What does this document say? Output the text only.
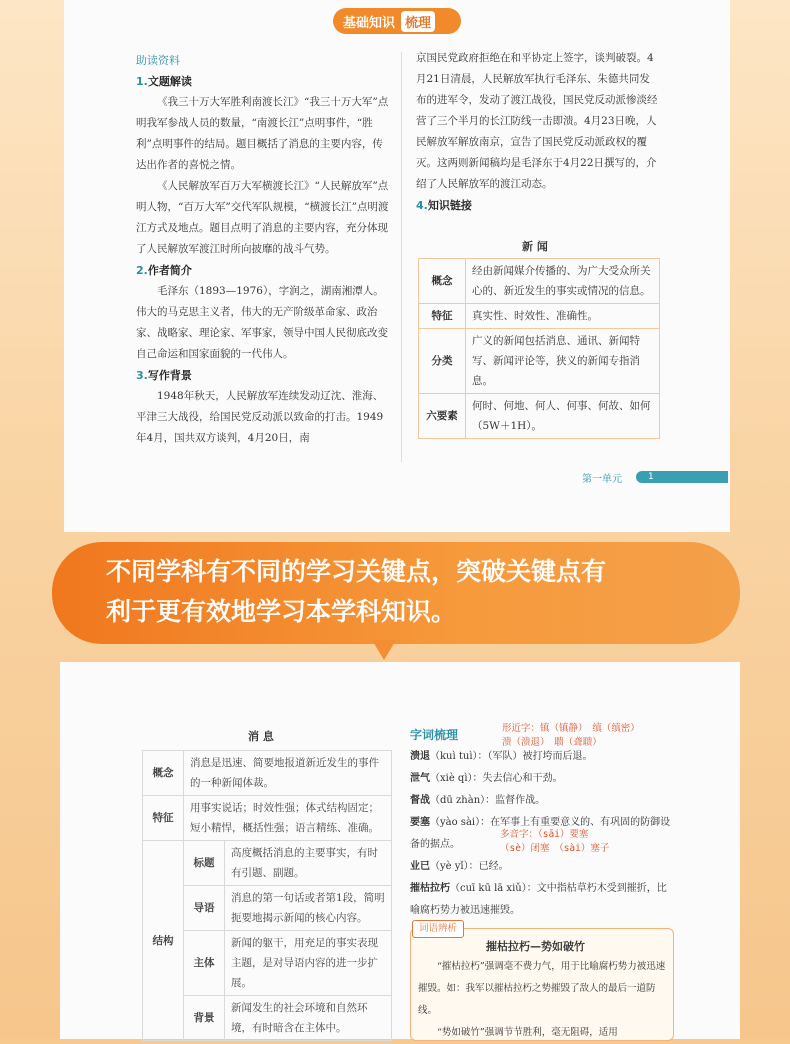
基础知识 梳理

助读资料

1.文题解读

《我三十万大军胜利南渡长江》“我三十万大军”点明我军参战人员的数量，“南渡长江”点明事件，“胜利”点明事件的结局。题目概括了消息的主要内容，传达出作者的喜悦之情。

《人民解放军百万大军横渡长江》“人民解放军”点明人物，“百万大军”交代军队规模，“横渡长江”点明渡江方式及地点。题目点明了消息的主要内容，充分体现了人民解放军渡江时所向披靡的战斗气势。

2.作者简介

毛泽东（1893—1976），字润之，湖南湘潭人。伟大的马克思主义者，伟大的无产阶级革命家、政治家、战略家、理论家、军事家，领导中国人民彻底改变自己命运和国家面貌的一代伟人。

3.写作背景

1948年秋天，人民解放军连续发动辽沈、淮海、平津三大战役，给国民党反动派以致命的打击。1949年4月，国共双方谈判，4月20日，南

京国民党政府拒绝在和平协定上签字，谈判破裂。4月21日清晨，人民解放军执行毛泽东、朱德共同发布的进军令，发动了渡江战役，国民党反动派惨淡经营了三个半月的长江防线一击即溃。4月23日晚，人民解放军解放南京，宣告了国民党反动派政权的覆灭。这两则新闻稿均是毛泽东于4月22日撰写的，介绍了人民解放军的渡江动态。

4.知识链接

新 闻
概念	经由新闻媒介传播的、为广大受众所关心的、新近发生的事实或情况的信息。
特征	真实性、时效性、准确性。
分类	广义的新闻包括消息、通讯、新闻特写、新闻评论等，狭义的新闻专指消息。
六要素	何时、何地、何人、何事、何故、如何（5W＋1H）。
第一单元	1
不同学科有不同的学习关键点，突破关键点有
利于更有效地学习本学科知识。
消 息
概念	消息是迅速、简要地报道新近发生的事件的一种新闻体裁。	
特征	用事实说话；时效性强；体式结构固定；短小精悍，概括性强；语言精练、准确。	
结构	标题	高度概括消息的主要事实，有时有引题、副题。
	导语	消息的第一句话或者第1段，简明扼要地揭示新闻的核心内容。
	主体	新闻的躯干，用充足的事实表现主题，是对导语内容的进一步扩展。
	背景	新闻发生的社会环境和自然环境，有时暗含在主体中。

字词梳理

溃退（kuì tuì）：（军队）被打垮而后退。

泄气（xiè qì）：失去信心和干劲。

督战（dū zhàn）：监督作战。

要塞（yào sài）：在军事上有重要意义的、有巩固的防御设备的据点。

业已（yè yǐ）：已经。

摧枯拉朽（cuī kū lā xiǔ）：文中指枯草朽木受到摧折，比喻腐朽势力被迅速摧毁。

形近字：镇（镇静）　缜（缜密）
溃（溃退）　聩（聋聩）
多音字：（sāi）要塞
（sè）闭塞　（sài）塞子
词语辨析
摧枯拉朽—势如破竹

“摧枯拉朽”强调毫不费力气，用于比喻腐朽势力被迅速摧毁。如：我军以摧枯拉朽之势摧毁了敌人的最后一道防线。

“势如破竹”强调节节胜利，毫无阻碍，适用
